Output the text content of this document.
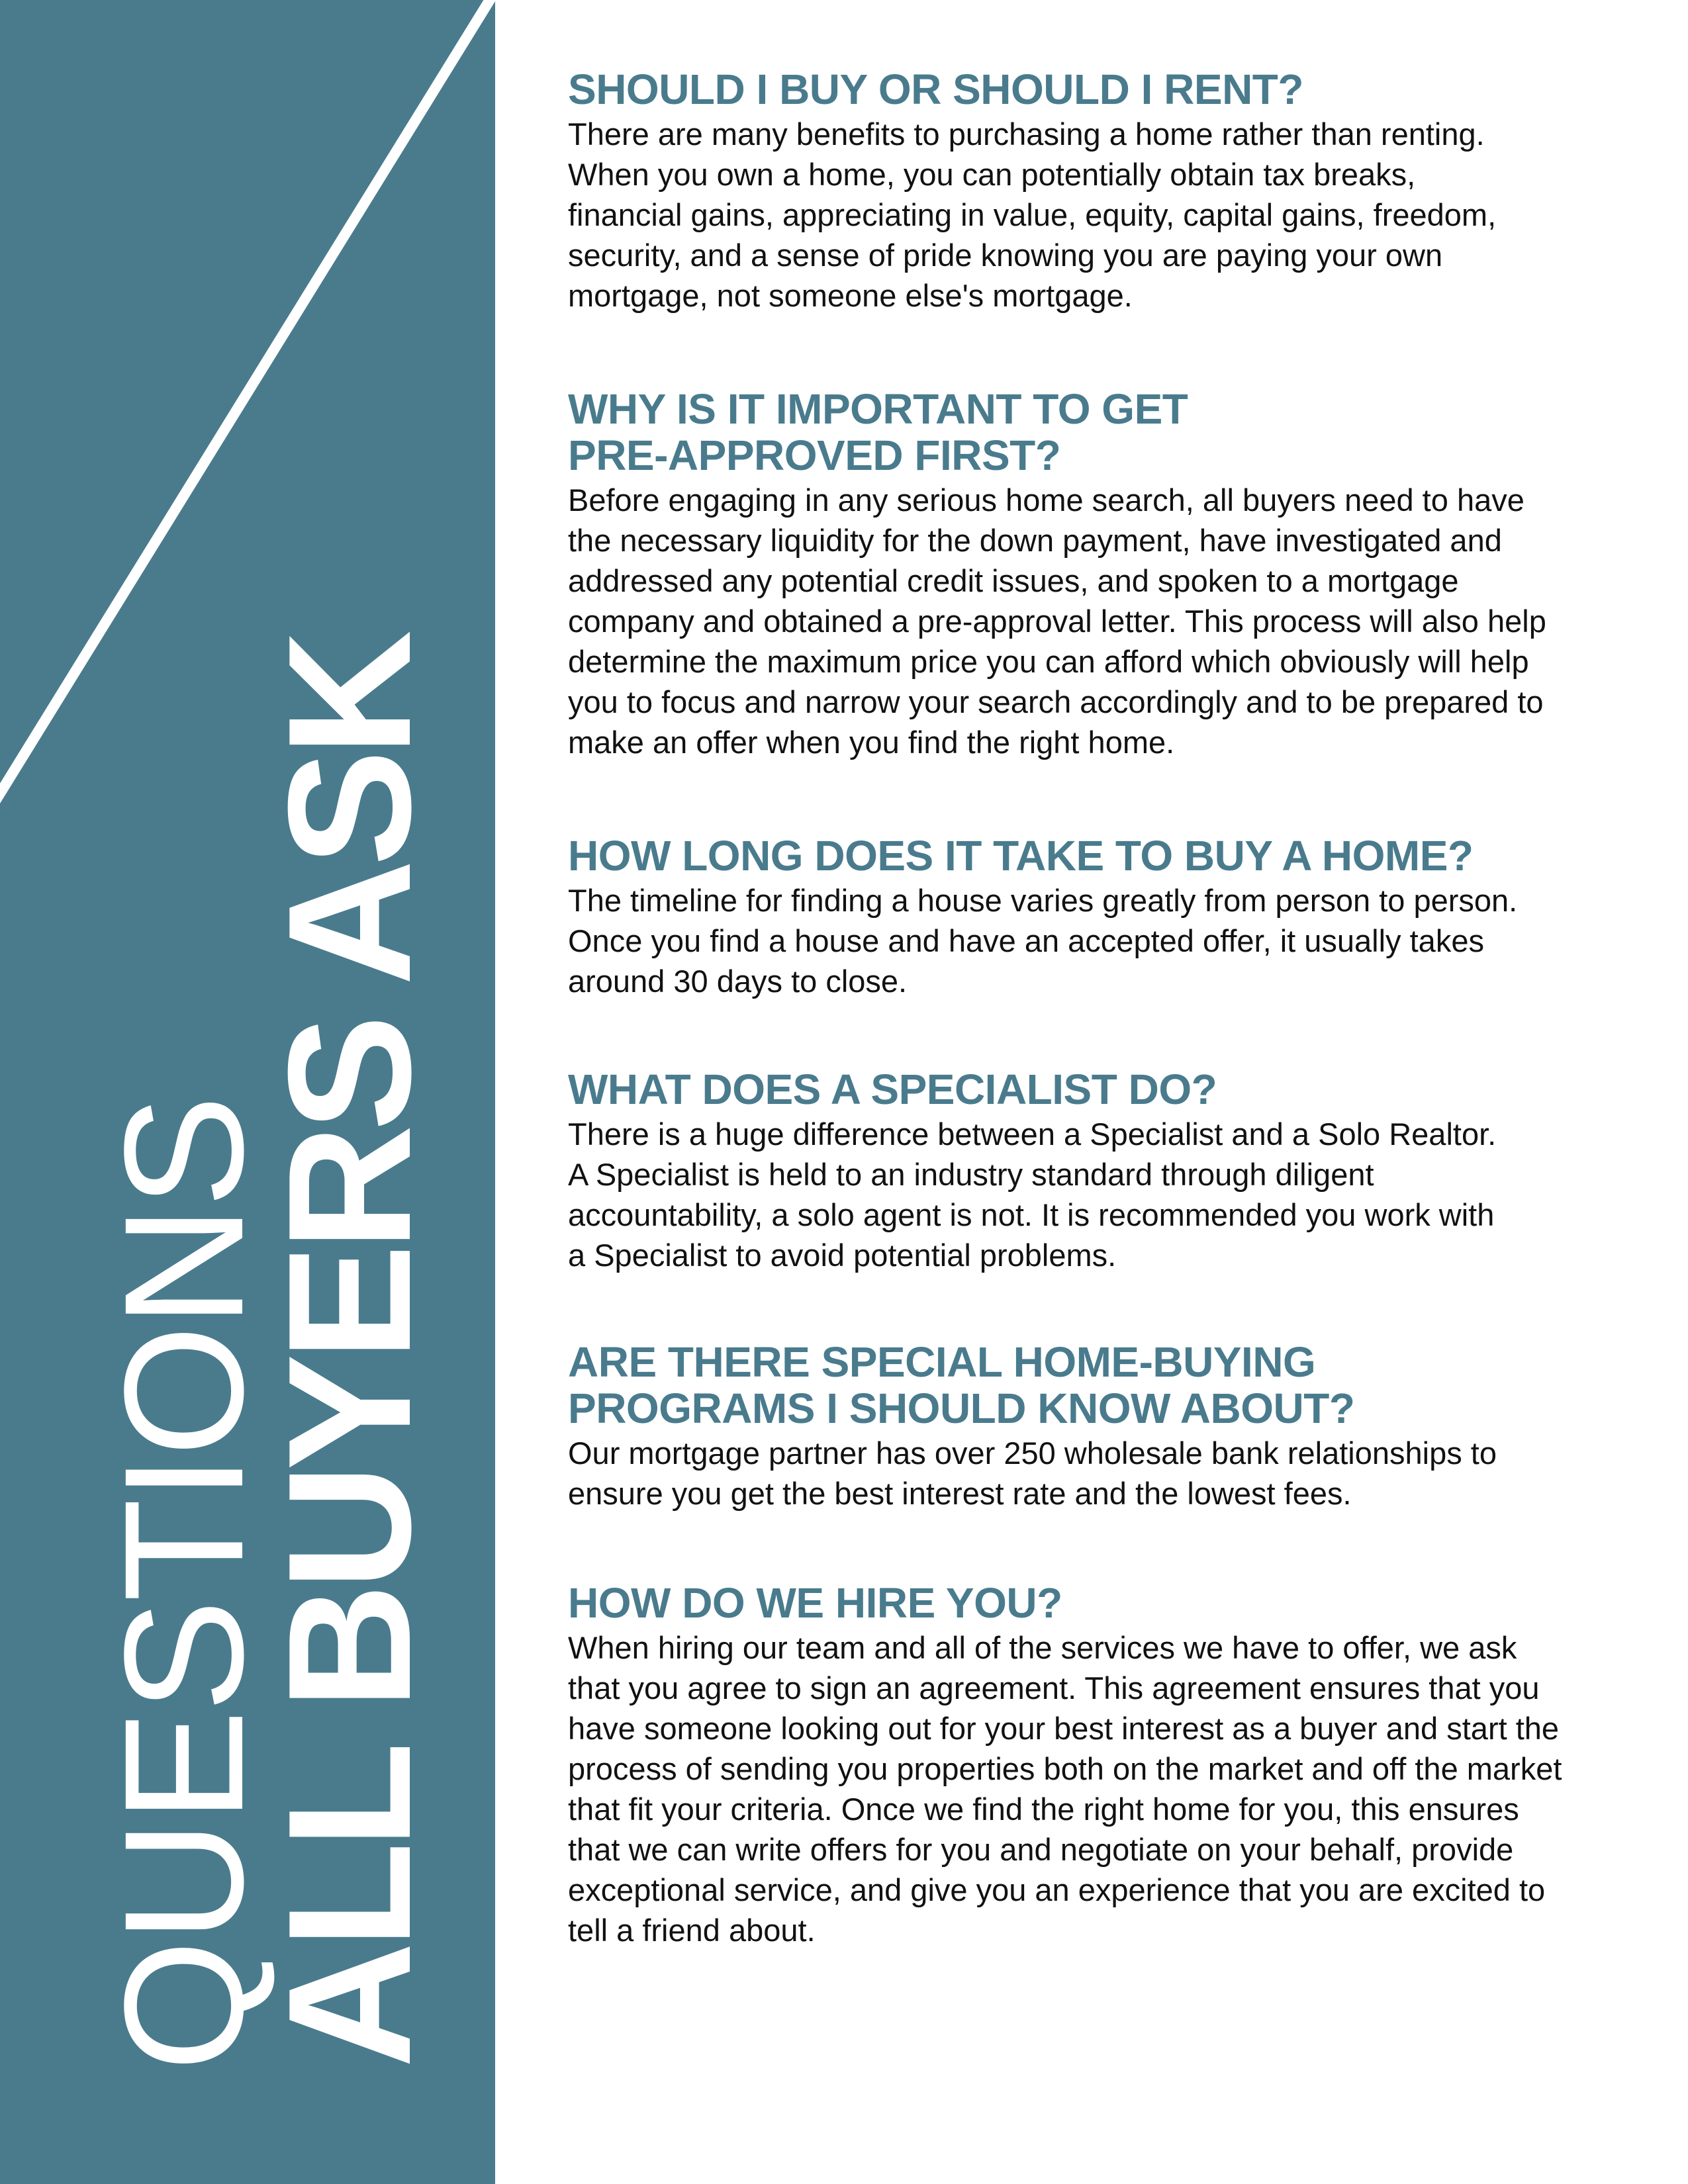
QUESTIONS
ALL BUYERS ASK
SHOULD I BUY OR SHOULD I RENT?

There are many benefits to purchasing a home rather than renting. When you own a home, you can potentially obtain tax breaks, financial gains, appreciating in value, equity, capital gains, freedom, security, and a sense of pride knowing you are paying your own mortgage, not someone else's mortgage.

WHY IS IT IMPORTANT TO GET PRE-APPROVED FIRST?

Before engaging in any serious home search, all buyers need to have the necessary liquidity for the down payment, have investigated and addressed any potential credit issues, and spoken to a mortgage company and obtained a pre-approval letter. This process will also help determine the maximum price you can afford which obviously will help you to focus and narrow your search accordingly and to be prepared to make an offer when you find the right home.

HOW LONG DOES IT TAKE TO BUY A HOME?

The timeline for finding a house varies greatly from person to person. Once you find a house and have an accepted offer, it usually takes around 30 days to close.

WHAT DOES A SPECIALIST DO?

There is a huge difference between a Specialist and a Solo Realtor. A Specialist is held to an industry standard through diligent accountability, a solo agent is not. It is recommended you work with a Specialist to avoid potential problems.

ARE THERE SPECIAL HOME-BUYING PROGRAMS I SHOULD KNOW ABOUT?

Our mortgage partner has over 250 wholesale bank relationships to ensure you get the best interest rate and the lowest fees.

HOW DO WE HIRE YOU?

When hiring our team and all of the services we have to offer, we ask that you agree to sign an agreement. This agreement ensures that you have someone looking out for your best interest as a buyer and start the process of sending you properties both on the market and off the market that fit your criteria. Once we find the right home for you, this ensures that we can write offers for you and negotiate on your behalf, provide exceptional service, and give you an experience that you are excited to tell a friend about.
